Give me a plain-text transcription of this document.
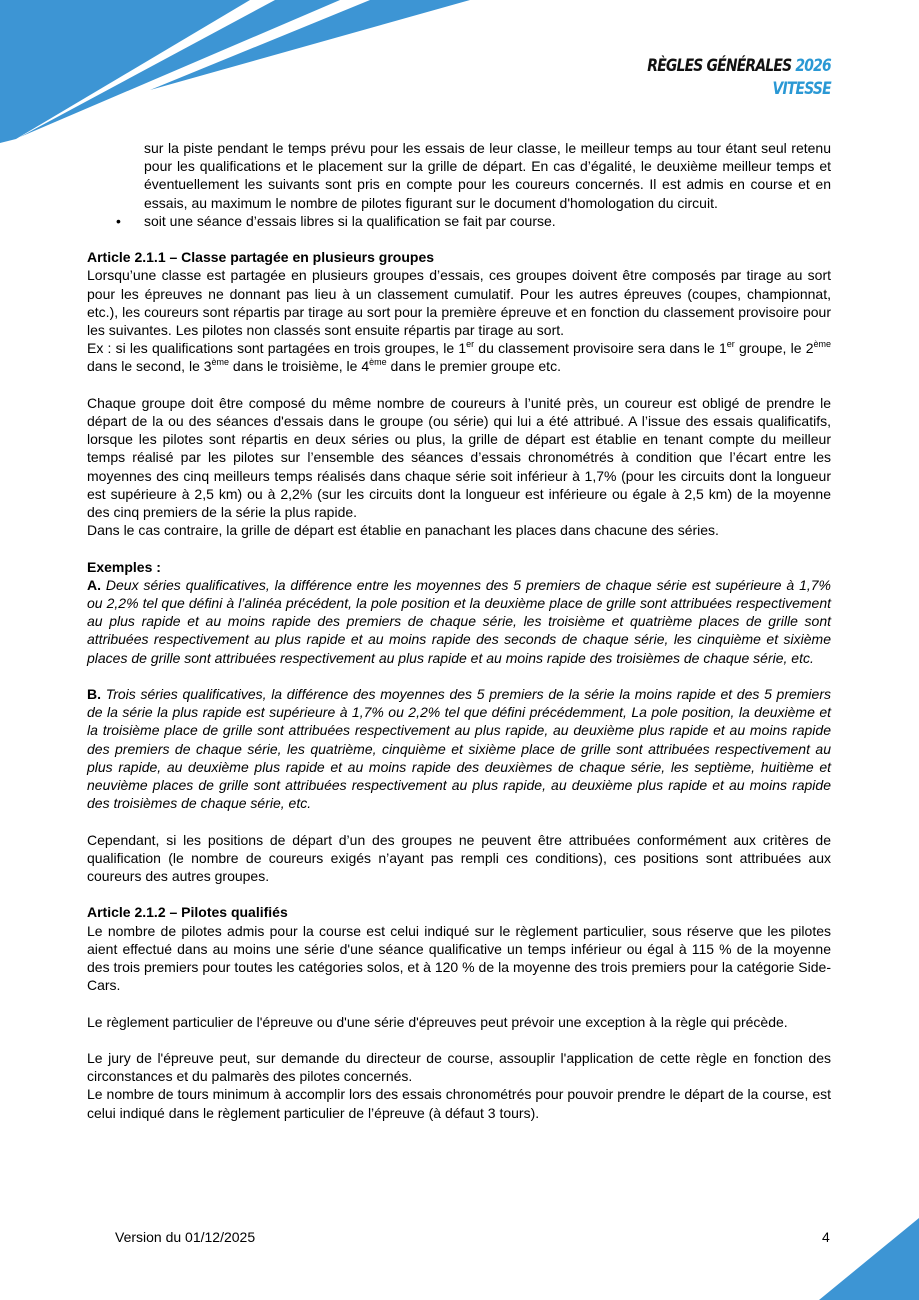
RÈGLES GÉNÉRALES 2026
VITESSE

sur la piste pendant le temps prévu pour les essais de leur classe, le meilleur temps au tour étant seul retenu pour les qualifications et le placement sur la grille de départ. En cas d’égalité, le deuxième meilleur temps et éventuellement les suivants sont pris en compte pour les coureurs concernés. Il est admis en course et en essais, au maximum le nombre de pilotes figurant sur le document d'homologation du circuit.

• soit une séance d’essais libres si la qualification se fait par course.

Article 2.1.1 – Classe partagée en plusieurs groupes

Lorsqu’une classe est partagée en plusieurs groupes d’essais, ces groupes doivent être composés par tirage au sort pour les épreuves ne donnant pas lieu à un classement cumulatif. Pour les autres épreuves (coupes, championnat, etc.), les coureurs sont répartis par tirage au sort pour la première épreuve et en fonction du classement provisoire pour les suivantes. Les pilotes non classés sont ensuite répartis par tirage au sort.

Ex : si les qualifications sont partagées en trois groupes, le 1er du classement provisoire sera dans le 1er groupe, le 2ème dans le second, le 3ème dans le troisième, le 4ème dans le premier groupe etc.

Chaque groupe doit être composé du même nombre de coureurs à l’unité près, un coureur est obligé de prendre le départ de la ou des séances d'essais dans le groupe (ou série) qui lui a été attribué. A l’issue des essais qualificatifs, lorsque les pilotes sont répartis en deux séries ou plus, la grille de départ est établie en tenant compte du meilleur temps réalisé par les pilotes sur l’ensemble des séances d’essais chronométrés à condition que l’écart entre les moyennes des cinq meilleurs temps réalisés dans chaque série soit inférieur à 1,7% (pour les circuits dont la longueur est supérieure à 2,5 km) ou à 2,2% (sur les circuits dont la longueur est inférieure ou égale à 2,5 km) de la moyenne des cinq premiers de la série la plus rapide.

Dans le cas contraire, la grille de départ est établie en panachant les places dans chacune des séries.

Exemples :

A. Deux séries qualificatives, la différence entre les moyennes des 5 premiers de chaque série est supérieure à 1,7% ou 2,2% tel que défini à l’alinéa précédent, la pole position et la deuxième place de grille sont attribuées respectivement au plus rapide et au moins rapide des premiers de chaque série, les troisième et quatrième places de grille sont attribuées respectivement au plus rapide et au moins rapide des seconds de chaque série, les cinquième et sixième places de grille sont attribuées respectivement au plus rapide et au moins rapide des troisièmes de chaque série, etc.

B. Trois séries qualificatives, la différence des moyennes des 5 premiers de la série la moins rapide et des 5 premiers de la série la plus rapide est supérieure à 1,7% ou 2,2% tel que défini précédemment, La pole position, la deuxième et la troisième place de grille sont attribuées respectivement au plus rapide, au deuxième plus rapide et au moins rapide des premiers de chaque série, les quatrième, cinquième et sixième place de grille sont attribuées respectivement au plus rapide, au deuxième plus rapide et au moins rapide des deuxièmes de chaque série, les septième, huitième et neuvième places de grille sont attribuées respectivement au plus rapide, au deuxième plus rapide et au moins rapide des troisièmes de chaque série, etc.

Cependant, si les positions de départ d’un des groupes ne peuvent être attribuées conformément aux critères de qualification (le nombre de coureurs exigés n’ayant pas rempli ces conditions), ces positions sont attribuées aux coureurs des autres groupes.

Article 2.1.2 – Pilotes qualifiés

Le nombre de pilotes admis pour la course est celui indiqué sur le règlement particulier, sous réserve que les pilotes aient effectué dans au moins une série d'une séance qualificative un temps inférieur ou égal à 115 % de la moyenne des trois premiers pour toutes les catégories solos, et à 120 % de la moyenne des trois premiers pour la catégorie Side-Cars.

Le règlement particulier de l'épreuve ou d'une série d'épreuves peut prévoir une exception à la règle qui précède.

Le jury de l'épreuve peut, sur demande du directeur de course, assouplir l'application de cette règle en fonction des circonstances et du palmarès des pilotes concernés.

Le nombre de tours minimum à accomplir lors des essais chronométrés pour pouvoir prendre le départ de la course, est celui indiqué dans le règlement particulier de l’épreuve (à défaut 3 tours).

Version du 01/12/2025	4
